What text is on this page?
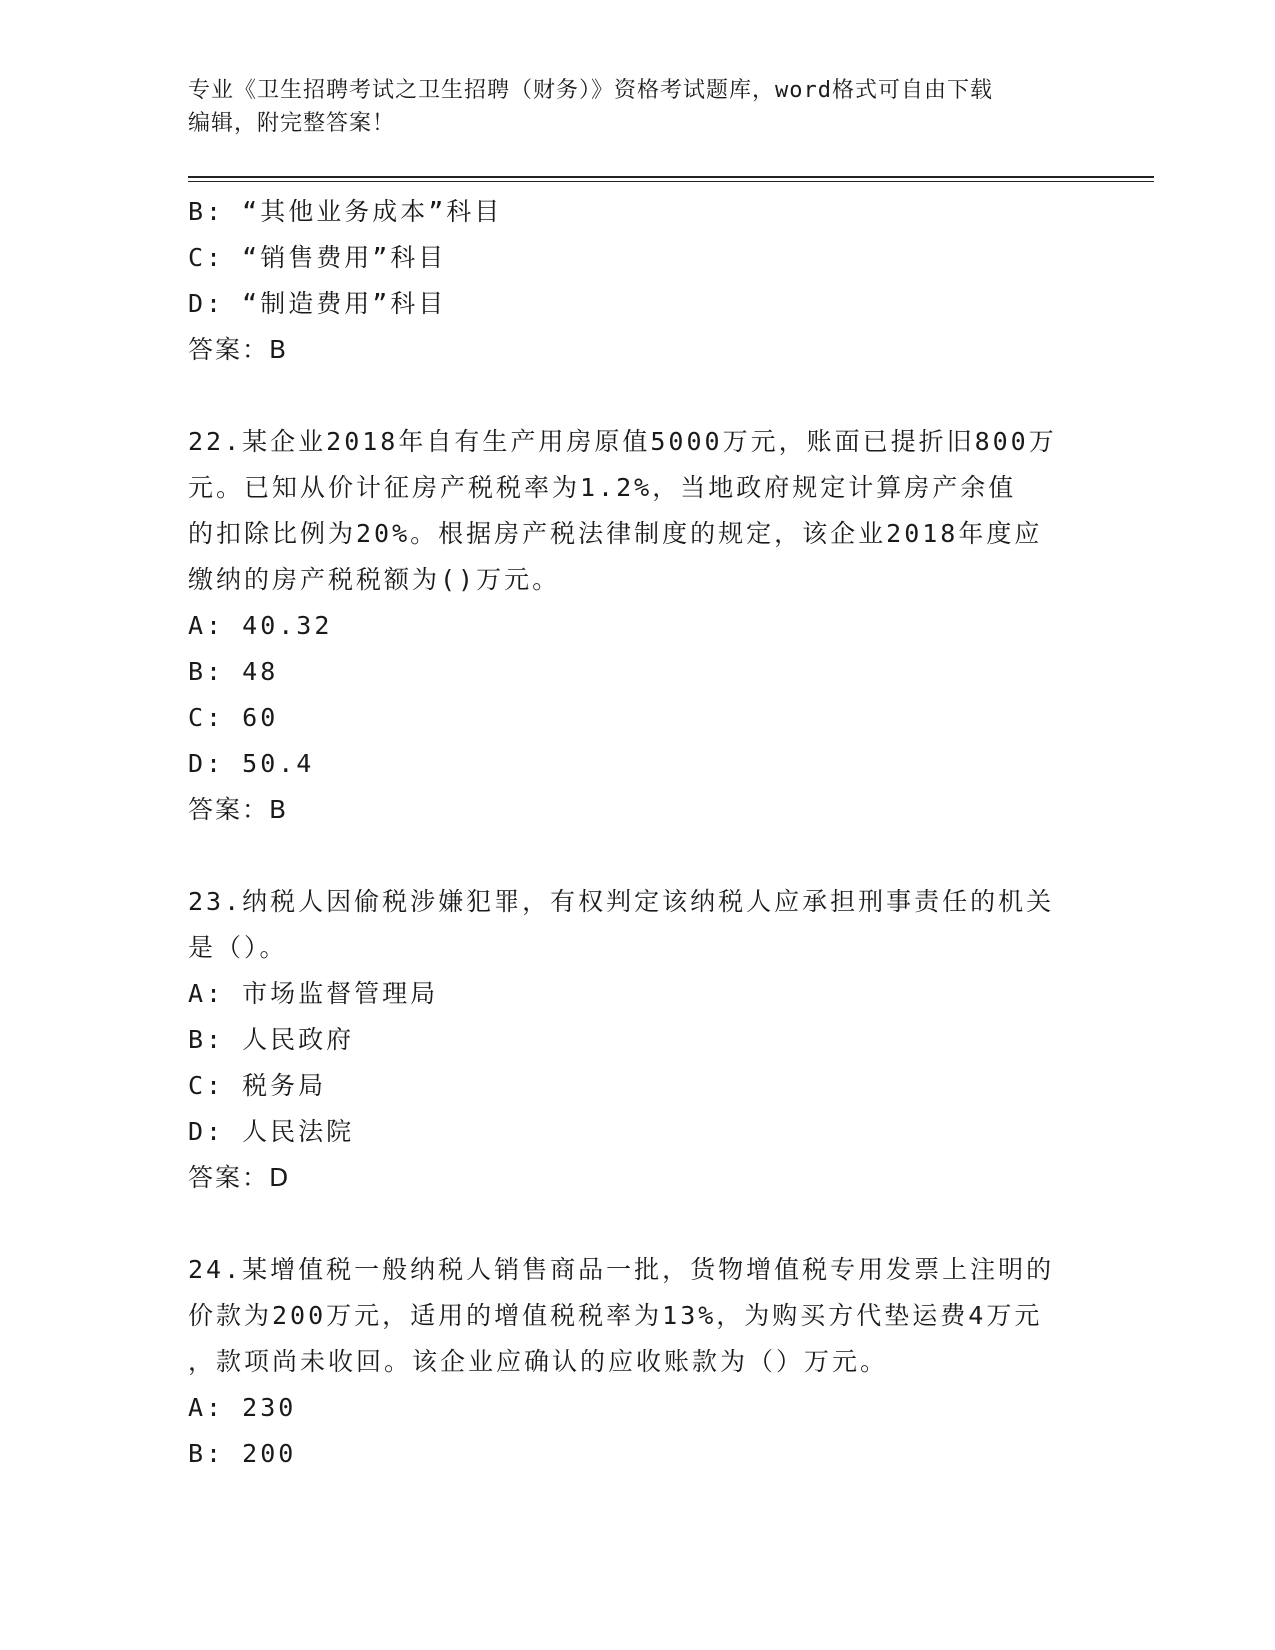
专业《卫生招聘考试之卫生招聘（财务）》资格考试题库，word格式可自由下载
编辑，附完整答案！
B: “其他业务成本”科目
C: “销售费用”科目
D: “制造费用”科目
答案：B
22.某企业2018年自有生产用房原值5000万元，账面已提折旧800万
元。已知从价计征房产税税率为1.2%，当地政府规定计算房产余值
的扣除比例为20%。根据房产税法律制度的规定，该企业2018年度应
缴纳的房产税税额为()万元。
A: 40.32
B: 48
C: 60
D: 50.4
答案：B
23.纳税人因偷税涉嫌犯罪，有权判定该纳税人应承担刑事责任的机关
是（）。
A: 市场监督管理局
B: 人民政府
C: 税务局
D: 人民法院
答案：D
24.某增值税一般纳税人销售商品一批，货物增值税专用发票上注明的
价款为200万元，适用的增值税税率为13%，为购买方代垫运费4万元
，款项尚未收回。该企业应确认的应收账款为（）万元。
A: 230
B: 200
